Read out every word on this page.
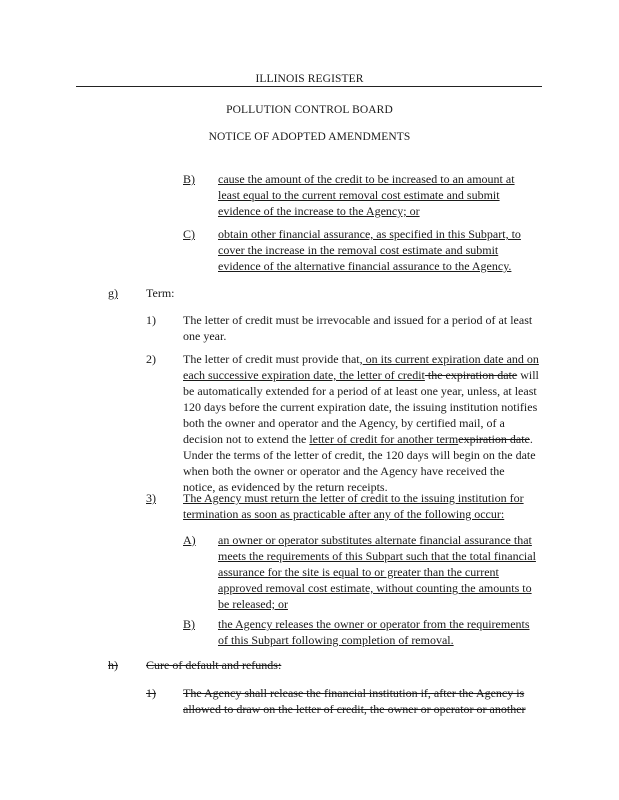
ILLINOIS REGISTER
POLLUTION CONTROL BOARD
NOTICE OF ADOPTED AMENDMENTS
B) cause the amount of the credit to be increased to an amount at least equal to the current removal cost estimate and submit evidence of the increase to the Agency; or
C) obtain other financial assurance, as specified in this Subpart, to cover the increase in the removal cost estimate and submit evidence of the alternative financial assurance to the Agency.
g) Term:
1) The letter of credit must be irrevocable and issued for a period of at least one year.
2) The letter of credit must provide that, on its current expiration date and on each successive expiration date, the letter of credit the expiration date will be automatically extended for a period of at least one year, unless, at least 120 days before the current expiration date, the issuing institution notifies both the owner and operator and the Agency, by certified mail, of a decision not to extend the letter of credit for another termexpiration date. Under the terms of the letter of credit, the 120 days will begin on the date when both the owner or operator and the Agency have received the notice, as evidenced by the return receipts.
3) The Agency must return the letter of credit to the issuing institution for termination as soon as practicable after any of the following occur:
A) an owner or operator substitutes alternate financial assurance that meets the requirements of this Subpart such that the total financial assurance for the site is equal to or greater than the current approved removal cost estimate, without counting the amounts to be released; or
B) the Agency releases the owner or operator from the requirements of this Subpart following completion of removal.
h) Cure of default and refunds:
1) The Agency shall release the financial institution if, after the Agency is allowed to draw on the letter of credit, the owner or operator or another
